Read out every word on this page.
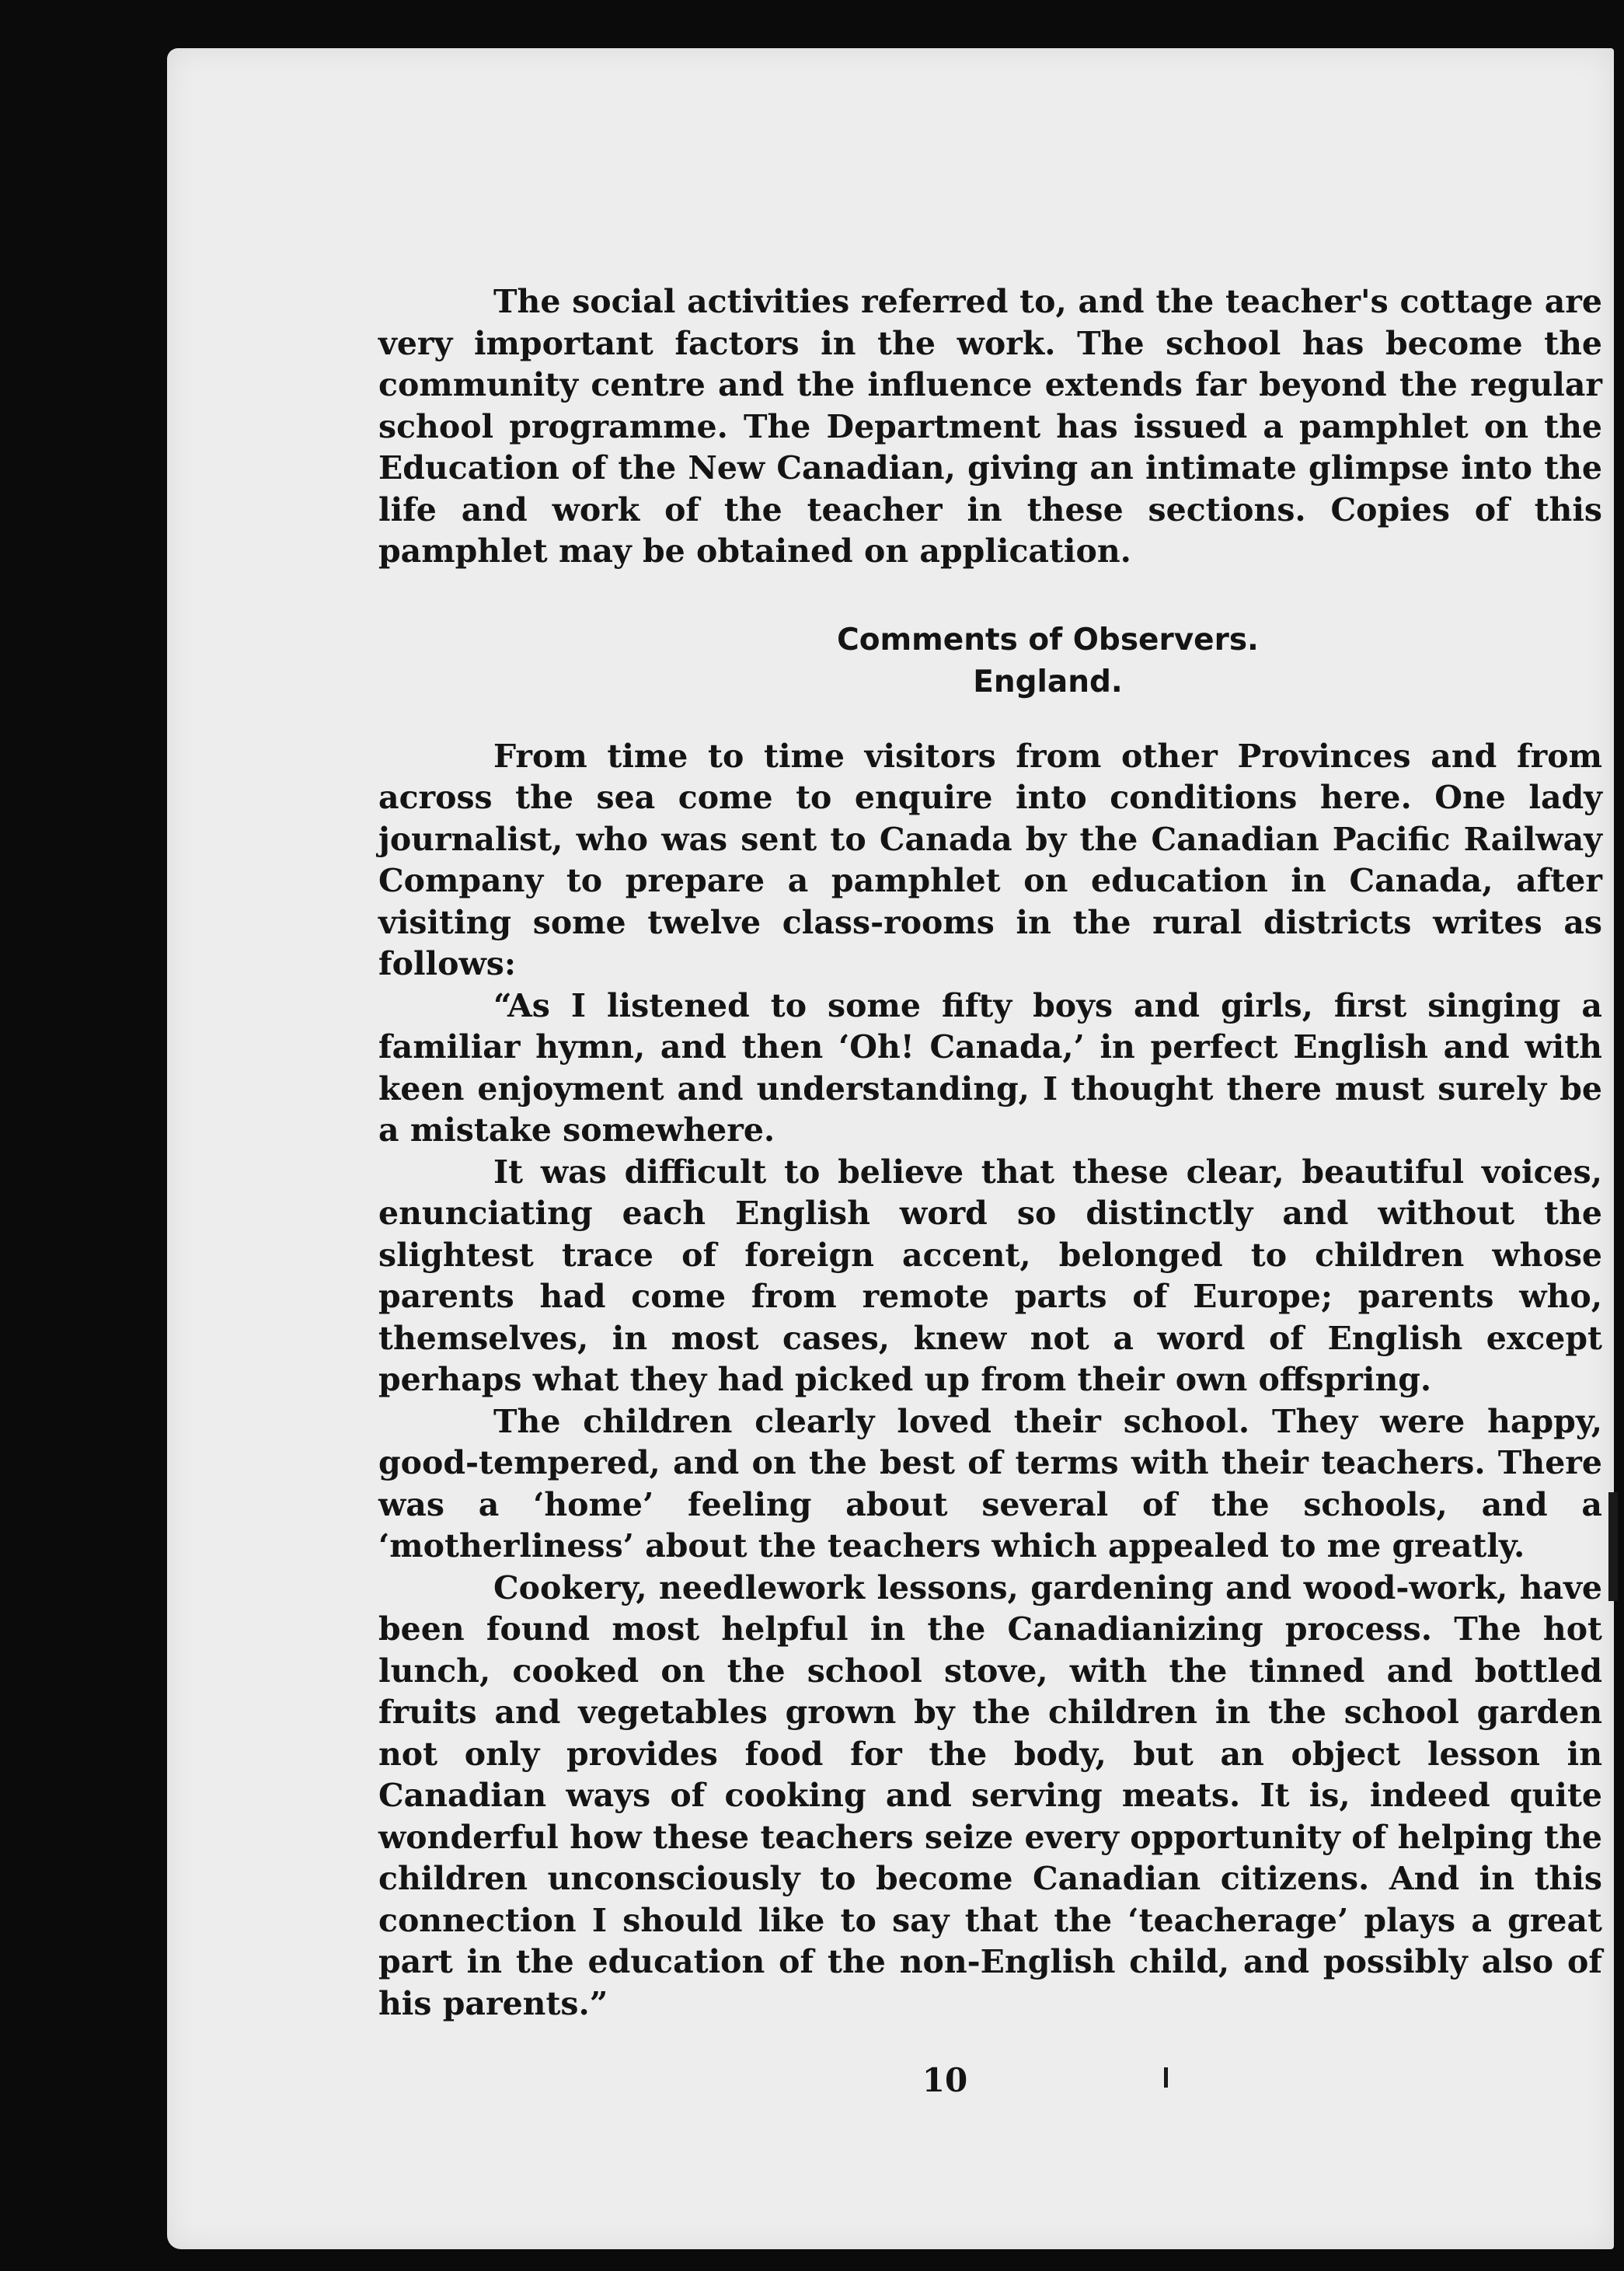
The social activities referred to, and the teacher's cottage are very important factors in the work. The school has become the community centre and the influence extends far beyond the regular school programme. The Department has issued a pamphlet on the Education of the New Canadian, giving an intimate glimpse into the life and work of the teacher in these sections. Copies of this pamphlet may be obtained on application.

Comments of Observers.

England.

From time to time visitors from other Provinces and from across the sea come to enquire into conditions here. One lady journalist, who was sent to Canada by the Canadian Pacific Railway Company to prepare a pamphlet on education in Canada, after visiting some twelve class-rooms in the rural districts writes as follows:

“As I listened to some fifty boys and girls, first singing a familiar hymn, and then ‘Oh! Canada,’ in perfect English and with keen enjoyment and understanding, I thought there must surely be a mistake somewhere.

It was difficult to believe that these clear, beautiful voices, enunciating each English word so distinctly and without the slightest trace of foreign accent, belonged to children whose parents had come from remote parts of Europe; parents who, themselves, in most cases, knew not a word of English except perhaps what they had picked up from their own offspring.

The children clearly loved their school. They were happy, good-tempered, and on the best of terms with their teachers. There was a ‘home’ feeling about several of the schools, and a ‘motherliness’ about the teachers which appealed to me greatly.

Cookery, needlework lessons, gardening and wood-work, have been found most helpful in the Canadianizing process. The hot lunch, cooked on the school stove, with the tinned and bottled fruits and vegetables grown by the children in the school garden not only provides food for the body, but an object lesson in Canadian ways of cooking and serving meats. It is, indeed quite wonderful how these teachers seize every opportunity of helping the children unconsciously to become Canadian citizens. And in this connection I should like to say that the ‘teacherage’ plays a great part in the education of the non-English child, and possibly also of his parents.”

10
